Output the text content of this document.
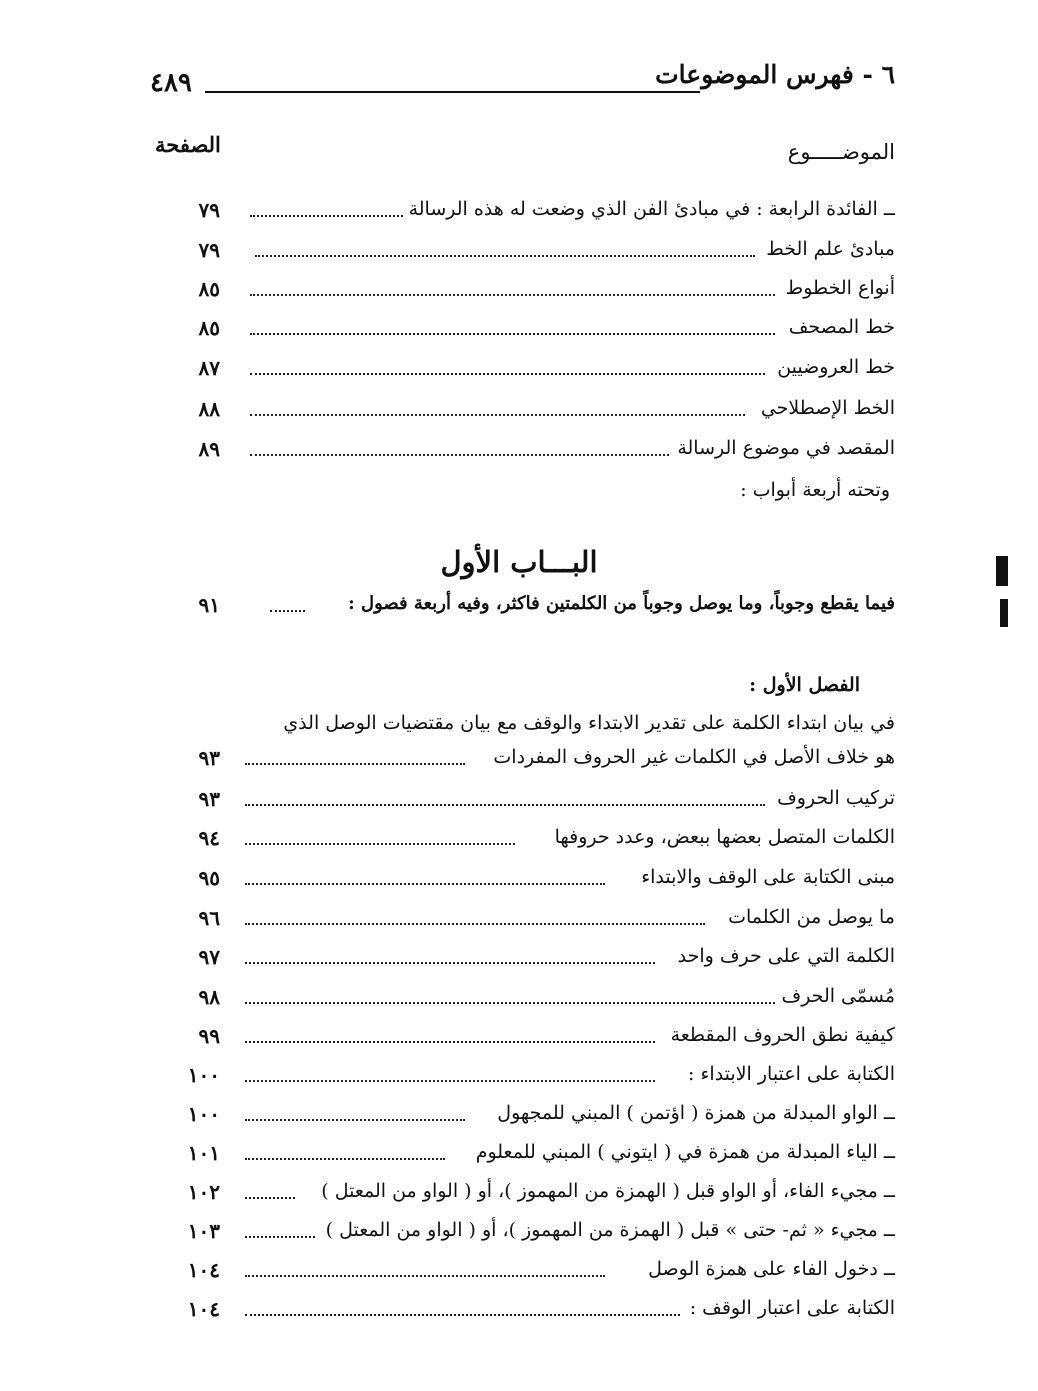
٤٨٩	٦ - فهرس الموضوعات
الصفحة	الموضـــــوع
٧٩	ــ الفائدة الرابعة : في مبادئ الفن الذي وضعت له هذه الرسالة
٧٩	مبادئ علم الخط
٨٥	أنواع الخطوط
٨٥	خط المصحف
٨٧	خط العروضيين
٨٨	الخط الإصطلاحي
٨٩	المقصد في موضوع الرسالة
وتحته أربعة أبواب :
البـــاب الأول
٩١	فيما يقطع وجوباً، وما يوصل وجوباً من الكلمتين فاكثر، وفيه أربعة فصول :
الفصل الأول :
في بيان ابتداء الكلمة على تقدير الابتداء والوقف مع بيان مقتضيات الوصل الذي
٩٣	هو خلاف الأصل في الكلمات غير الحروف المفردات
٩٣	تركيب الحروف
٩٤	الكلمات المتصل بعضها ببعض، وعدد حروفها
٩٥	مبنى الكتابة على الوقف والابتداء
٩٦	ما يوصل من الكلمات
٩٧	الكلمة التي على حرف واحد
٩٨	مُسمّى الحرف
٩٩	كيفية نطق الحروف المقطعة
١٠٠	الكتابة على اعتبار الابتداء :
١٠٠	ــ الواو المبدلة من همزة ( اؤتمن ) المبني للمجهول
١٠١	ــ الياء المبدلة من همزة في ( ايتوني ) المبني للمعلوم
١٠٢	ــ مجيء الفاء، أو الواو قبل ( الهمزة من المهموز )، أو ( الواو من المعتل )
١٠٣	ــ مجيء « ثم- حتى » قبل ( الهمزة من المهموز )، أو ( الواو من المعتل )
١٠٤	ــ دخول الفاء على همزة الوصل
١٠٤	الكتابة على اعتبار الوقف :
